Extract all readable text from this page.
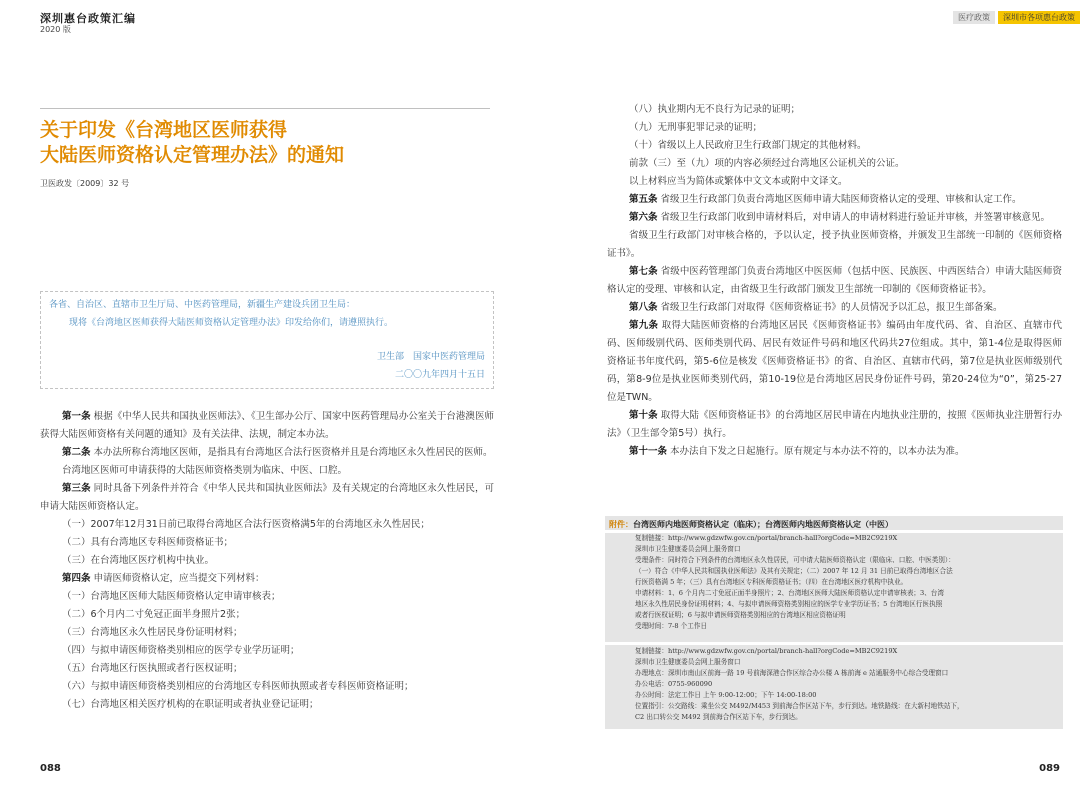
深圳惠台政策汇编
2020 版
医疗政策	深圳市各项惠台政策
关于印发《台湾地区医师获得
大陆医师资格认定管理办法》的通知
卫医政发〔2009〕32 号

各省、自治区、直辖市卫生厅局、中医药管理局，新疆生产建设兵团卫生局：

现将《台湾地区医师获得大陆医师资格认定管理办法》印发给你们，请遵照执行。

卫生部　国家中医药管理局

二〇〇九年四月十五日

第一条 根据《中华人民共和国执业医师法》、《卫生部办公厅、国家中医药管理局办公室关于台港澳医师获得大陆医师资格有关问题的通知》及有关法律、法规，制定本办法。
第二条 本办法所称台湾地区医师，是指具有台湾地区合法行医资格并且是台湾地区永久性居民的医师。
台湾地区医师可申请获得的大陆医师资格类别为临床、中医、口腔。
第三条 同时具备下列条件并符合《中华人民共和国执业医师法》及有关规定的台湾地区永久性居民，可申请大陆医师资格认定。
（一）2007年12月31日前已取得台湾地区合法行医资格满5年的台湾地区永久性居民；
（二）具有台湾地区专科医师资格证书；
（三）在台湾地区医疗机构中执业。
第四条 申请医师资格认定，应当提交下列材料：
（一）台湾地区医师大陆医师资格认定申请审核表；
（二）6个月内二寸免冠正面半身照片2张；
（三）台湾地区永久性居民身份证明材料；
（四）与拟申请医师资格类别相应的医学专业学历证明；
（五）台湾地区行医执照或者行医权证明；
（六）与拟申请医师资格类别相应的台湾地区专科医师执照或者专科医师资格证明；
（七）台湾地区相关医疗机构的在职证明或者执业登记证明；
（八）执业期内无不良行为记录的证明；
（九）无刑事犯罪记录的证明；
（十）省级以上人民政府卫生行政部门规定的其他材料。
前款（三）至（九）项的内容必须经过台湾地区公证机关的公证。
以上材料应当为简体或繁体中文文本或附中文译文。
第五条 省级卫生行政部门负责台湾地区医师申请大陆医师资格认定的受理、审核和认定工作。
第六条 省级卫生行政部门收到申请材料后，对申请人的申请材料进行验证并审核，并签署审核意见。
省级卫生行政部门对审核合格的，予以认定，授予执业医师资格，并颁发卫生部统一印制的《医师资格证书》。
第七条 省级中医药管理部门负责台湾地区中医医师（包括中医、民族医、中西医结合）申请大陆医师资格认定的受理、审核和认定，由省级卫生行政部门颁发卫生部统一印制的《医师资格证书》。
第八条 省级卫生行政部门对取得《医师资格证书》的人员情况予以汇总，报卫生部备案。
第九条 取得大陆医师资格的台湾地区居民《医师资格证书》编码由年度代码、省、自治区、直辖市代码、医师级别代码、医师类别代码、居民有效证件号码和地区代码共27位组成。其中，第1-4位是取得医师资格证书年度代码，第5-6位是核发《医师资格证书》的省、自治区、直辖市代码，第7位是执业医师级别代码，第8-9位是执业医师类别代码，第10-19位是台湾地区居民身份证件号码，第20-24位为“0”，第25-27位是TWN。
第十条 取得大陆《医师资格证书》的台湾地区居民申请在内地执业注册的，按照《医师执业注册暂行办法》（卫生部令第5号）执行。
第十一条 本办法自下发之日起施行。原有规定与本办法不符的，以本办法为准。
附件：台湾医师内地医师资格认定（临床）；台湾医师内地医师资格认定（中医）
复制链接：http://www.gdzwfw.gov.cn/portal/branch-hall?orgCode=MB2C9219X
深圳市卫生健康委员会网上服务窗口
受理条件：同时符合下列条件的台湾地区永久性居民，可申请大陆医师资格认定（限临床、口腔、中医类别）：
（一）符合《中华人民共和国执业医师法》及其有关规定；（二）2007 年 12 月 31 日前已取得台湾地区合法
行医资格满 5 年；（三）具有台湾地区专科医师资格证书；（四）在台湾地区医疗机构中执业。
申请材料：1、6 个月内二寸免冠正面半身照片；2、台湾地区医师大陆医师资格认定申请审核表；3、台湾
地区永久性居民身份证明材料；4、与拟申请医师资格类别相应的医学专业学历证书；5 台湾地区行医执照
或者行医权证明；6 与拟申请医师资格类别相应的台湾地区相应资格证明
受理时间：7-8 个工作日
复制链接：http://www.gdzwfw.gov.cn/portal/branch-hall?orgCode=MB2C9219X
深圳市卫生健康委员会网上服务窗口
办理地点：深圳市南山区前海一路 19 号前海深港合作区综合办公楼 A 栋前海 e 站通服务中心综合受理窗口
办公电话：0755-960090
办公时间：法定工作日 上午 9:00-12:00；下午 14:00-18:00
位置指引：公交路线：乘坐公交 M492/M453 到前海合作区站下车，步行到达。地铁路线：在大新村地铁站下，
C2 出口转公交 M492 到前海合作区站下车，步行到达。
088	089
